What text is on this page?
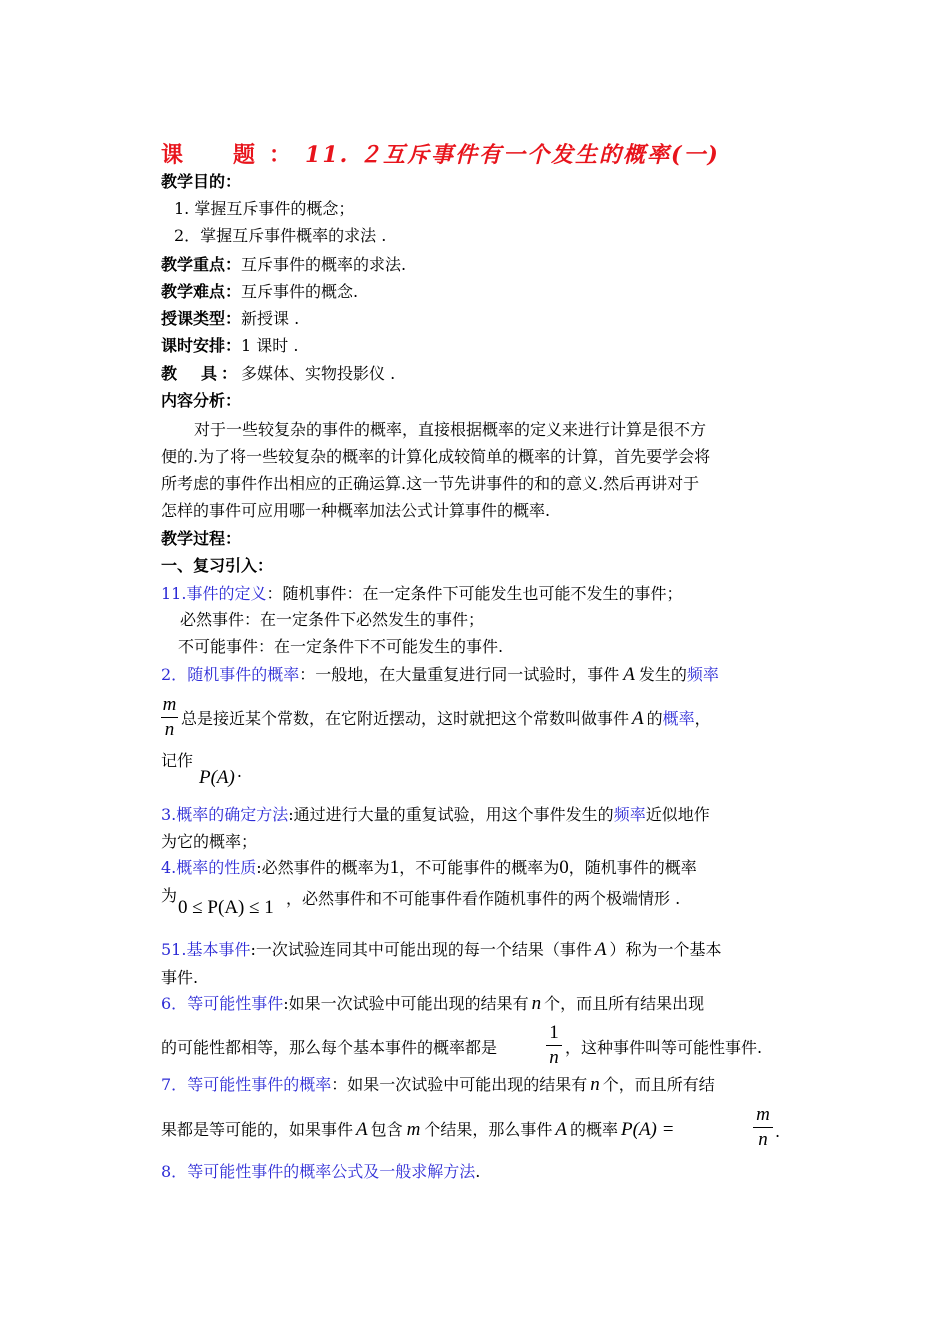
课　题：11. ２互斥事件有一个发生的概率(一)
教学目的：
1. 掌握互斥事件的概念；
2．掌握互斥事件概率的求法 .
教学重点：互斥事件的概率的求法.
教学难点：互斥事件的概念.
授课类型：新授课 .
课时安排：1 课时 .
教　具：多媒体、实物投影仪 .
内容分析：
对于一些较复杂的事件的概率，直接根据概率的定义来进行计算是很不方
便的.为了将一些较复杂的概率的计算化成较简单的概率的计算，首先要学会将
所考虑的事件作出相应的正确运算.这一节先讲事件的和的意义.然后再讲对于
怎样的事件可应用哪一种概率加法公式计算事件的概率.
教学过程：
一、复习引入：
11.事件的定义：随机事件：在一定条件下可能发生也可能不发生的事件；
必然事件：在一定条件下必然发生的事件；
不可能事件：在一定条件下不可能发生的事件.
2．随机事件的概率：一般地，在大量重复进行同一试验时，事件 A 发生的频率
m
n
总是接近某个常数，在它附近摆动，这时就把这个常数叫做事件 A 的概率，
记作
P(A) .
3.概率的确定方法:通过进行大量的重复试验，用这个事件发生的频率近似地作
为它的概率；
4.概率的性质:必然事件的概率为1，不可能事件的概率为0，随机事件的概率
为
0 ≤ P(A) ≤ 1 ，必然事件和不可能事件看作随机事件的两个极端情形 .
51.基本事件:一次试验连同其中可能出现的每一个结果（事件 A ）称为一个基本
事件.
6．等可能性事件:如果一次试验中可能出现的结果有 n 个，而且所有结果出现
的可能性都相等，那么每个基本事件的概率都是
1
n ，这种事件叫等可能性事件.
7．等可能性事件的概率：如果一次试验中可能出现的结果有 n 个，而且所有结
果都是等可能的，如果事件 A 包含 m 个结果，那么事件 A 的概率 P(A) =
m
n .
8．等可能性事件的概率公式及一般求解方法.
